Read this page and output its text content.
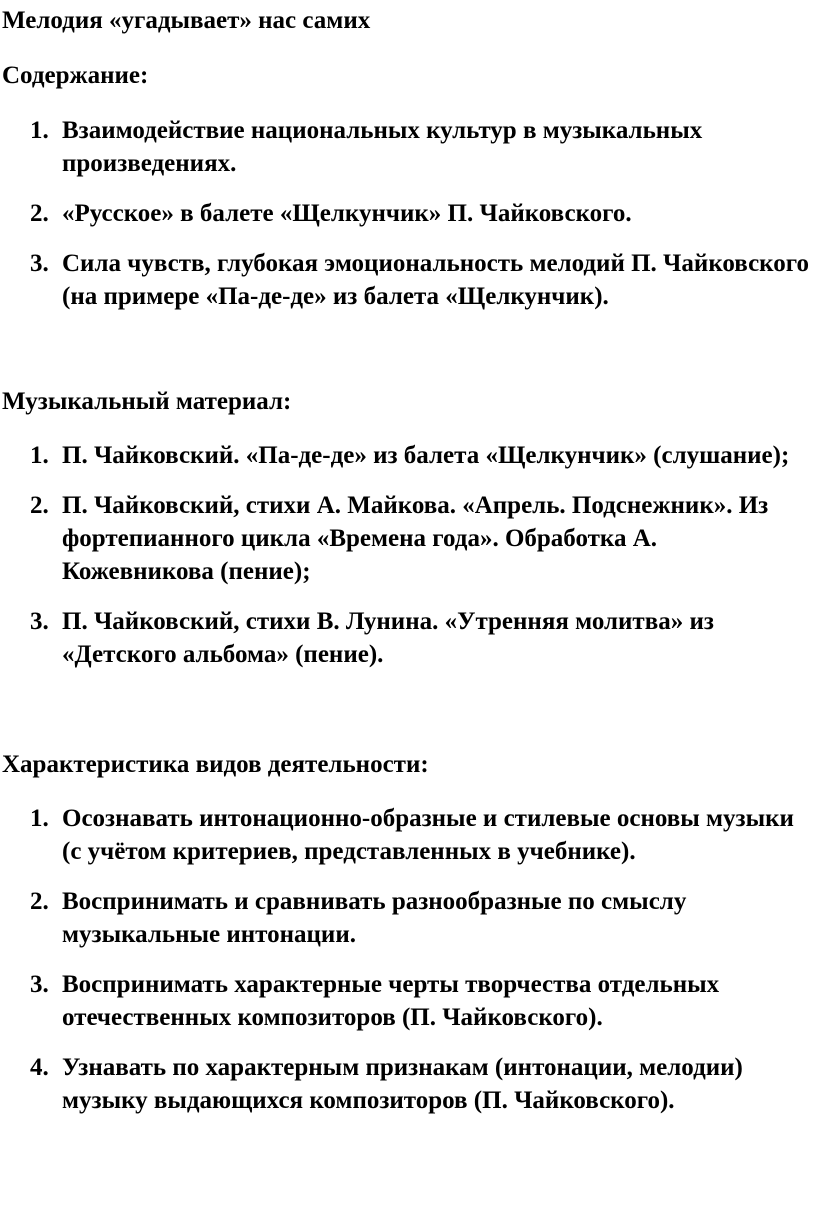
Мелодия «угадывает» нас самих
Содержание:
1. Взаимодействие национальных культур в музыкальных произведениях.
2. «Русское» в балете «Щелкунчик» П. Чайковского.
3. Сила чувств, глубокая эмоциональность мелодий П. Чайковского (на примере «Па-де-де» из балета «Щелкунчик).
Музыкальный материал:
1. П. Чайковский. «Па-де-де» из балета «Щелкунчик» (слушание);
2. П. Чайковский, стихи А. Майкова. «Апрель. Подснежник». Из фортепианного цикла «Времена года». Обработка А. Кожевникова (пение);
3. П. Чайковский, стихи В. Лунина. «Утренняя молитва» из «Детского альбома» (пение).
Характеристика видов деятельности:
1. Осознавать интонационно-образные и стилевые основы музыки (с учётом критериев, представленных в учебнике).
2. Воспринимать и сравнивать разнообразные по смыслу музыкальные интонации.
3. Воспринимать характерные черты творчества отдельных отечественных композиторов (П. Чайковского).
4. Узнавать по характерным признакам (интонации, мелодии) музыку выдающихся композиторов (П. Чайковского).
